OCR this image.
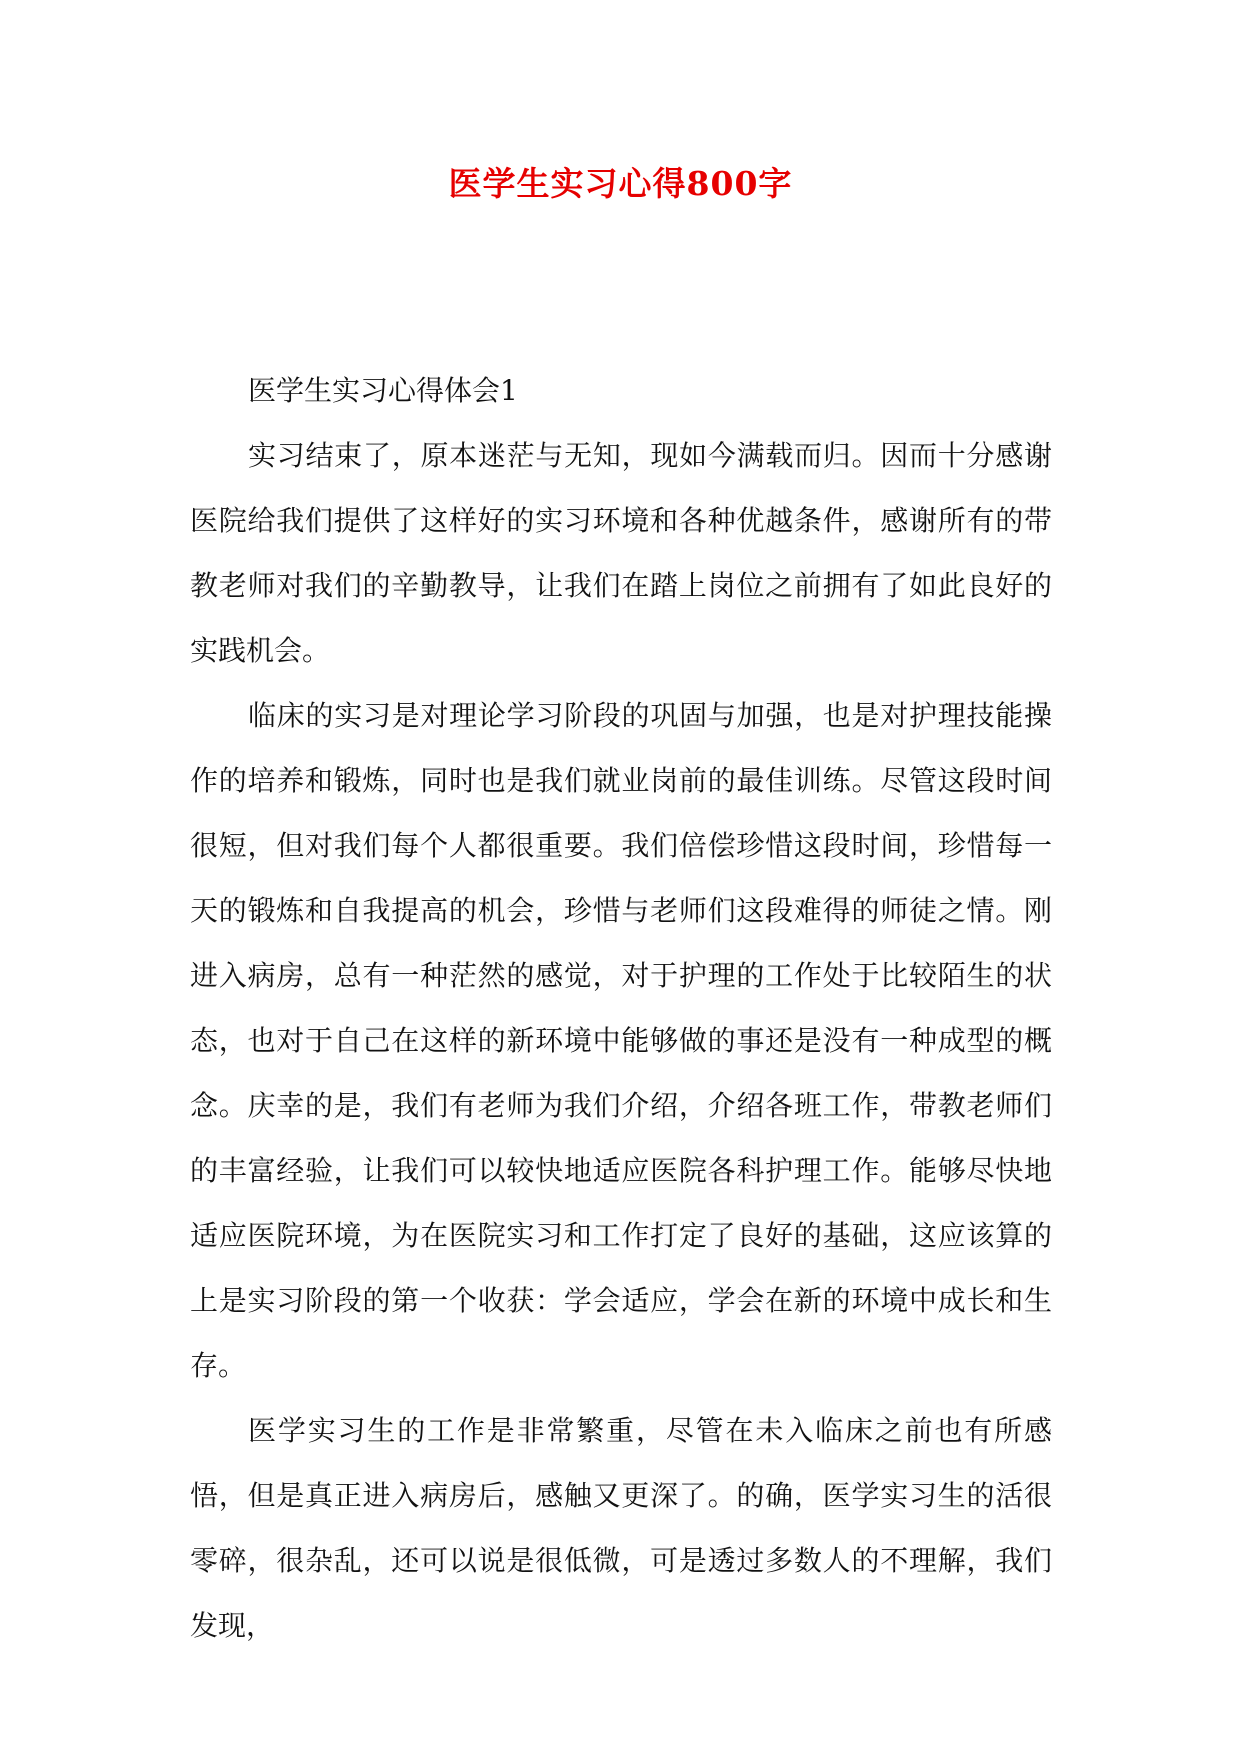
医学生实习心得800字

医学生实习心得体会1

实习结束了，原本迷茫与无知，现如今满载而归。因而十分感谢医院给我们提供了这样好的实习环境和各种优越条件，感谢所有的带教老师对我们的辛勤教导，让我们在踏上岗位之前拥有了如此良好的实践机会。

临床的实习是对理论学习阶段的巩固与加强，也是对护理技能操作的培养和锻炼，同时也是我们就业岗前的最佳训练。尽管这段时间很短，但对我们每个人都很重要。我们倍偿珍惜这段时间，珍惜每一天的锻炼和自我提高的机会，珍惜与老师们这段难得的师徒之情。刚进入病房，总有一种茫然的感觉，对于护理的工作处于比较陌生的状态，也对于自己在这样的新环境中能够做的事还是没有一种成型的概念。庆幸的是，我们有老师为我们介绍，介绍各班工作，带教老师们的丰富经验，让我们可以较快地适应医院各科护理工作。能够尽快地适应医院环境，为在医院实习和工作打定了良好的基础，这应该算的上是实习阶段的第一个收获：学会适应，学会在新的环境中成长和生存。

医学实习生的工作是非常繁重，尽管在未入临床之前也有所感悟，但是真正进入病房后，感触又更深了。的确，医学实习生的活很零碎，很杂乱，还可以说是很低微，可是透过多数人的不理解，我们发现，
